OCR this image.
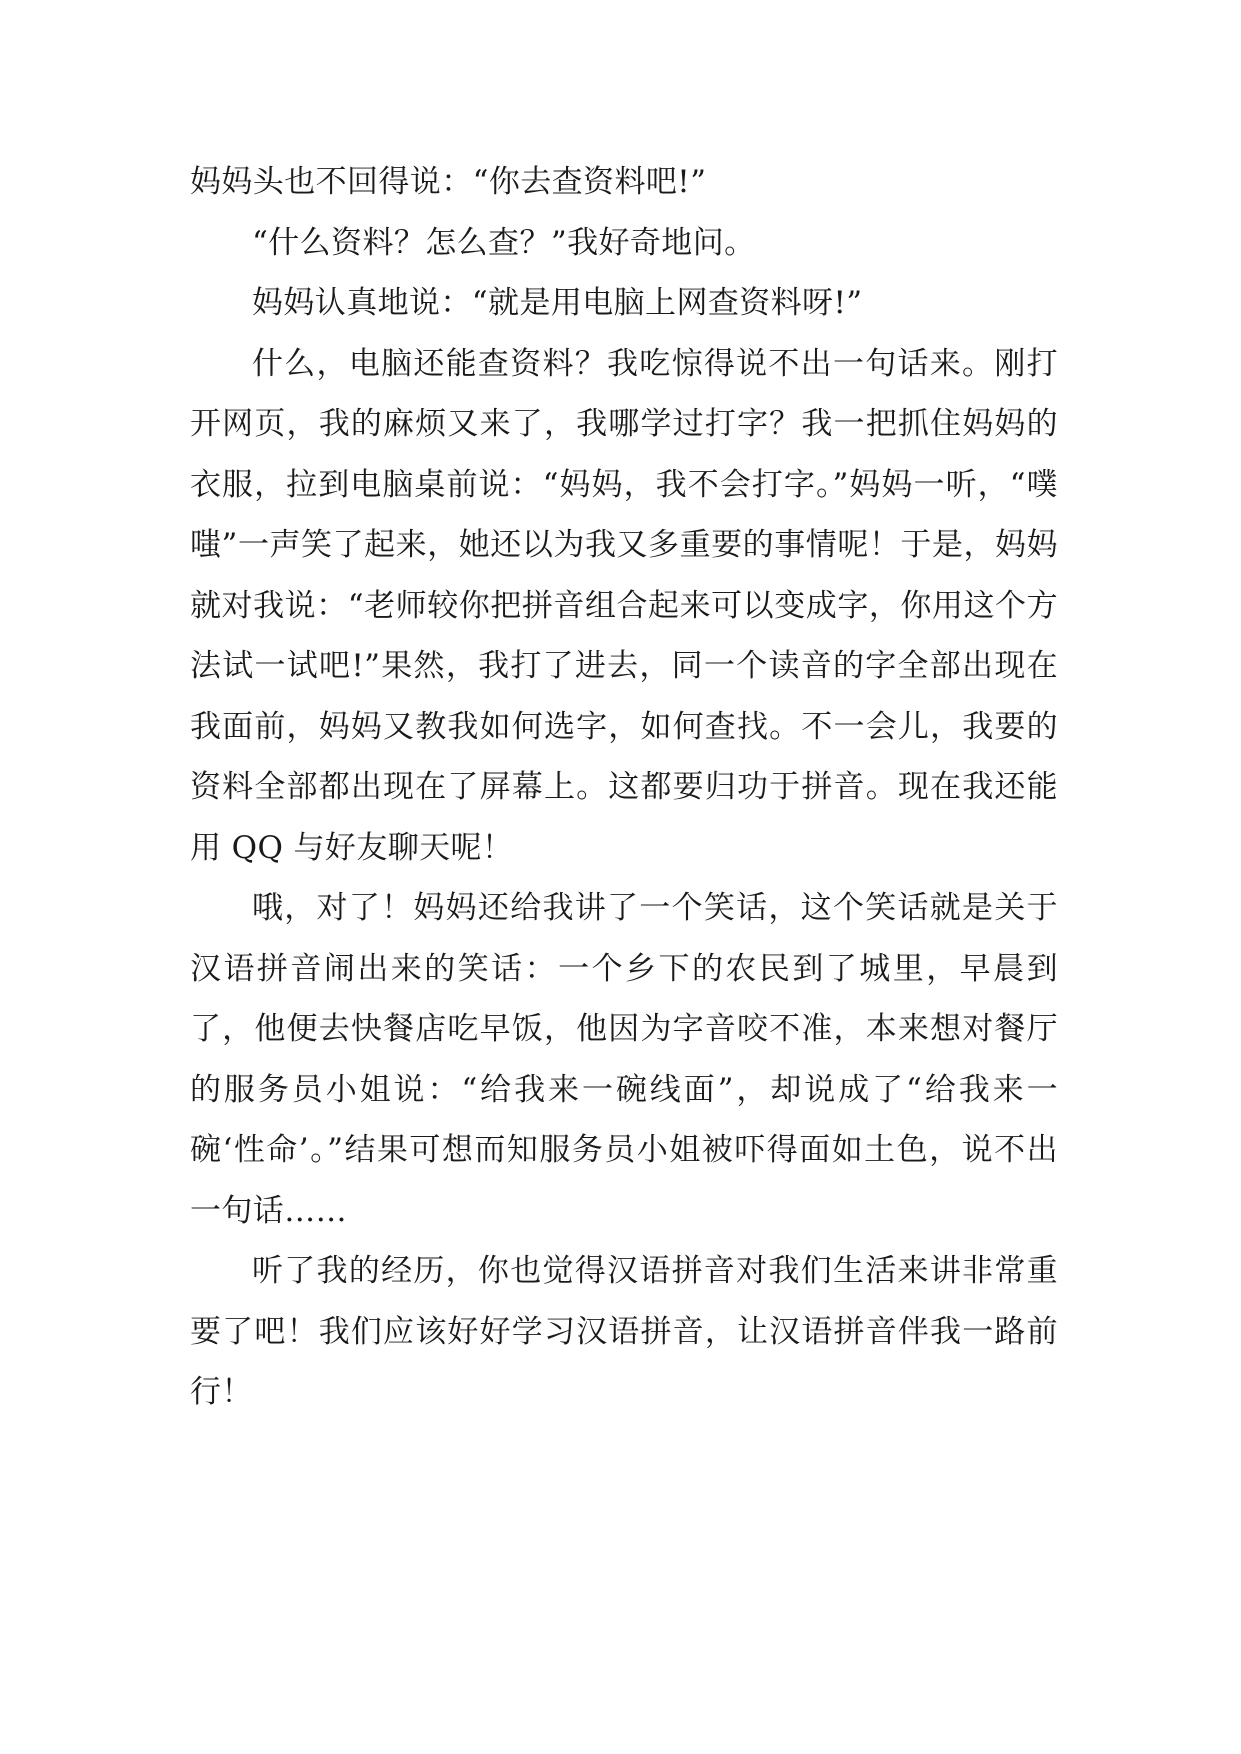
妈妈头也不回得说：“你去查资料吧!”

“什么资料？怎么查？”我好奇地问。

妈妈认真地说：“就是用电脑上网查资料呀!”

什么，电脑还能查资料？我吃惊得说不出一句话来。刚打开网页，我的麻烦又来了，我哪学过打字？我一把抓住妈妈的衣服，拉到电脑桌前说：“妈妈，我不会打字。”妈妈一听，“噗嗤”一声笑了起来，她还以为我又多重要的事情呢！于是，妈妈就对我说：“老师较你把拼音组合起来可以变成字，你用这个方法试一试吧!”果然，我打了进去，同一个读音的字全部出现在我面前，妈妈又教我如何选字，如何查找。不一会儿，我要的资料全部都出现在了屏幕上。这都要归功于拼音。现在我还能用 QQ 与好友聊天呢！

哦，对了！妈妈还给我讲了一个笑话，这个笑话就是关于汉语拼音闹出来的笑话：一个乡下的农民到了城里，早晨到了，他便去快餐店吃早饭，他因为字音咬不准，本来想对餐厅的服务员小姐说：“给我来一碗线面”，却说成了“给我来一碗‘性命’。”结果可想而知服务员小姐被吓得面如土色，说不出一句话……

听了我的经历，你也觉得汉语拼音对我们生活来讲非常重要了吧！我们应该好好学习汉语拼音，让汉语拼音伴我一路前行！
